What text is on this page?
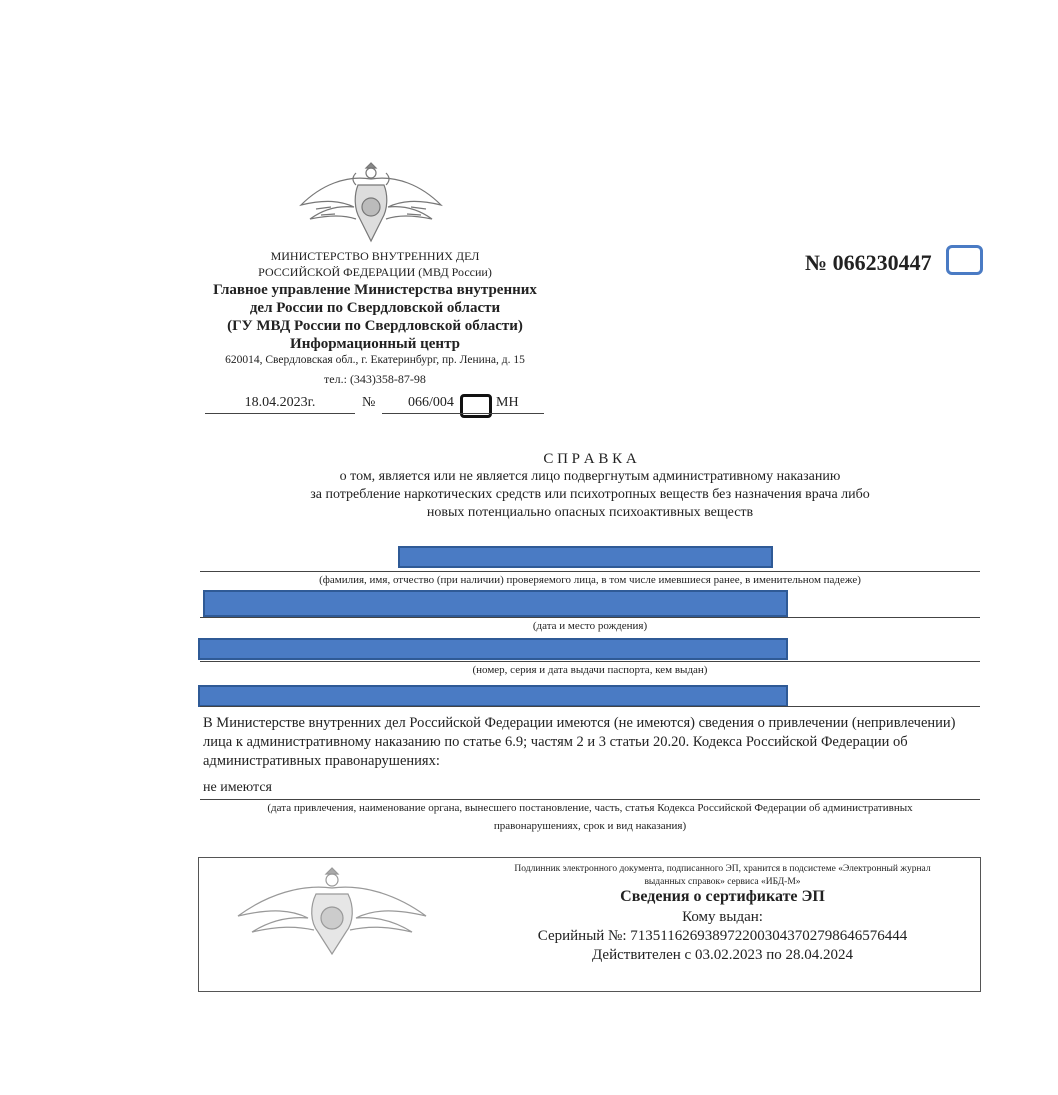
МИНИСТЕРСТВО ВНУТРЕННИХ ДЕЛ
РОССИЙСКОЙ ФЕДЕРАЦИИ (МВД России)
Главное управление Министерства внутренних
дел России по Свердловской области
(ГУ МВД России по Свердловской области)
Информационный центр
620014, Свердловская обл., г. Екатеринбург, пр. Ленина, д. 15
тел.: (343)358-87-98
18.04.2023г.	№ 066/004	МН
№ 066230447
С П Р А В К А
о том, является или не является лицо подвергнутым административному наказанию
за потребление наркотических средств или психотропных веществ без назначения врача либо
новых потенциально опасных психоактивных веществ
(фамилия, имя, отчество (при наличии) проверяемого лица, в том числе имевшиеся ранее, в именительном падеже)
(дата и место рождения)
(номер, серия и дата выдачи паспорта, кем выдан)
В Министерстве внутренних дел Российской Федерации имеются (не имеются) сведения о привлечении (непривлечении) лица к административному наказанию по статье 6.9; частям 2 и 3 статьи 20.20. Кодекса Российской Федерации об административных правонарушениях:
не имеются
(дата привлечения, наименование органа, вынесшего постановление, часть, статья Кодекса Российской Федерации об административных
правонарушениях, срок и вид наказания)
Подлинник электронного документа, подписанного ЭП, хранится в подсистеме «Электронный журнал
выданных справок» сервиса «ИБД-М»
Сведения о сертификате ЭП
Кому выдан:
Серийный №: 713511626938972200304370279864657644​4
Действителен с 03.02.2023 по 28.04.2024
